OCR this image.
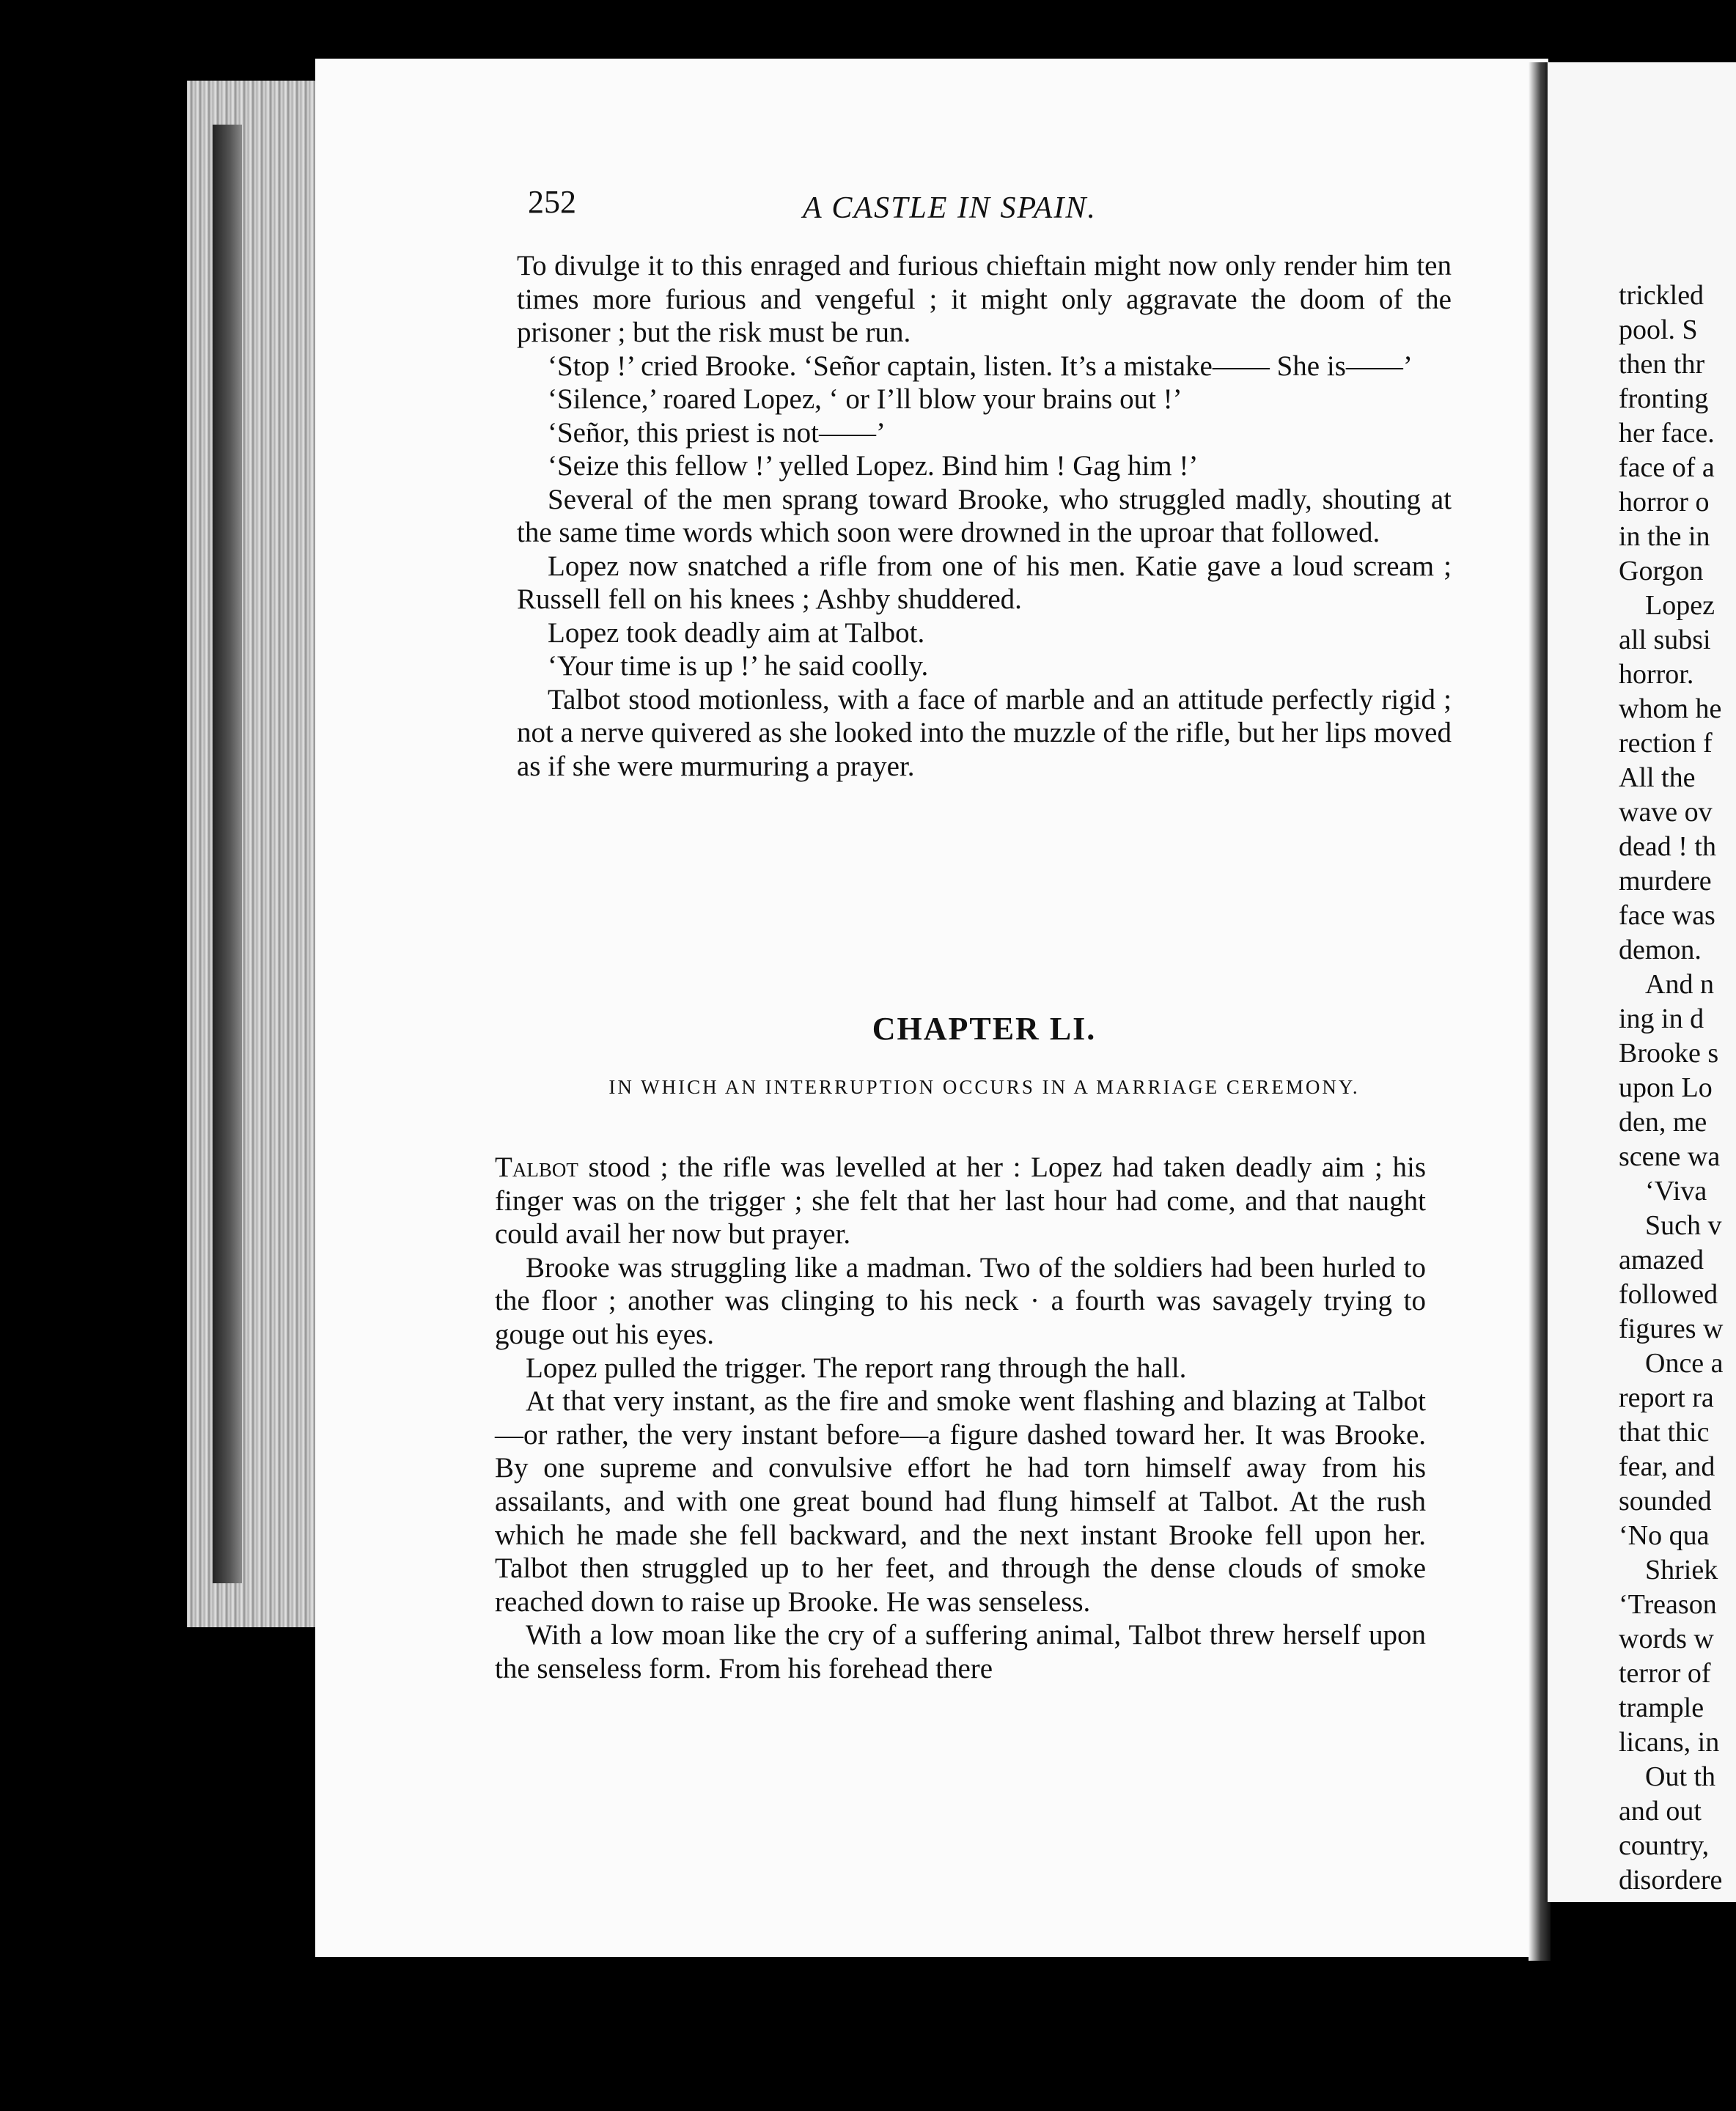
252	A CASTLE IN SPAIN.

To divulge it to this enraged and furious chieftain might now only render him ten times more furious and vengeful ; it might only aggravate the doom of the prisoner ; but the risk must be run.

‘Stop !’ cried Brooke. ‘Señor captain, listen. It’s a mistake—— She is——’

‘Silence,’ roared Lopez, ‘ or I’ll blow your brains out !’

‘Señor, this priest is not——’

‘Seize this fellow !’ yelled Lopez. Bind him ! Gag him !’

Several of the men sprang toward Brooke, who struggled madly, shouting at the same time words which soon were drowned in the uproar that followed.

Lopez now snatched a rifle from one of his men. Katie gave a loud scream ; Russell fell on his knees ; Ashby shuddered.

Lopez took deadly aim at Talbot.

‘Your time is up !’ he said coolly.

Talbot stood motionless, with a face of marble and an attitude perfectly rigid ; not a nerve quivered as she looked into the muzzle of the rifle, but her lips moved as if she were murmuring a prayer.

CHAPTER LI.

IN WHICH AN INTERRUPTION OCCURS IN A MARRIAGE CEREMONY.

Talbot stood ; the rifle was levelled at her : Lopez had taken deadly aim ; his finger was on the trigger ; she felt that her last hour had come, and that naught could avail her now but prayer.

Brooke was struggling like a madman. Two of the soldiers had been hurled to the floor ; another was clinging to his neck · a fourth was savagely trying to gouge out his eyes.

Lopez pulled the trigger. The report rang through the hall.

At that very instant, as the fire and smoke went flashing and blazing at Talbot—or rather, the very instant before—a figure dashed toward her. It was Brooke. By one supreme and convulsive effort he had torn himself away from his assailants, and with one great bound had flung himself at Talbot. At the rush which he made she fell backward, and the next instant Brooke fell upon her. Talbot then struggled up to her feet, and through the dense clouds of smoke reached down to raise up Brooke. He was senseless.

With a low moan like the cry of a suffering animal, Talbot threw herself upon the senseless form. From his forehead there

trickled
pool. S
then thr
fronting
her face.
face of a
horror o
in the in
Gorgon
Lopez
all subsi
horror.
whom he
rection f
All the
wave ov
dead ! th
murdere
face was
demon.
And n
ing in d
Brooke s
upon Lo
den, me
scene wa
‘Viva
Such v
amazed
followed
figures w
Once a
report ra
that thic
fear, and
sounded
‘No qua
Shriek
‘Treason
words w
terror of
trample
licans, in
Out th
and out
country,
disordere
